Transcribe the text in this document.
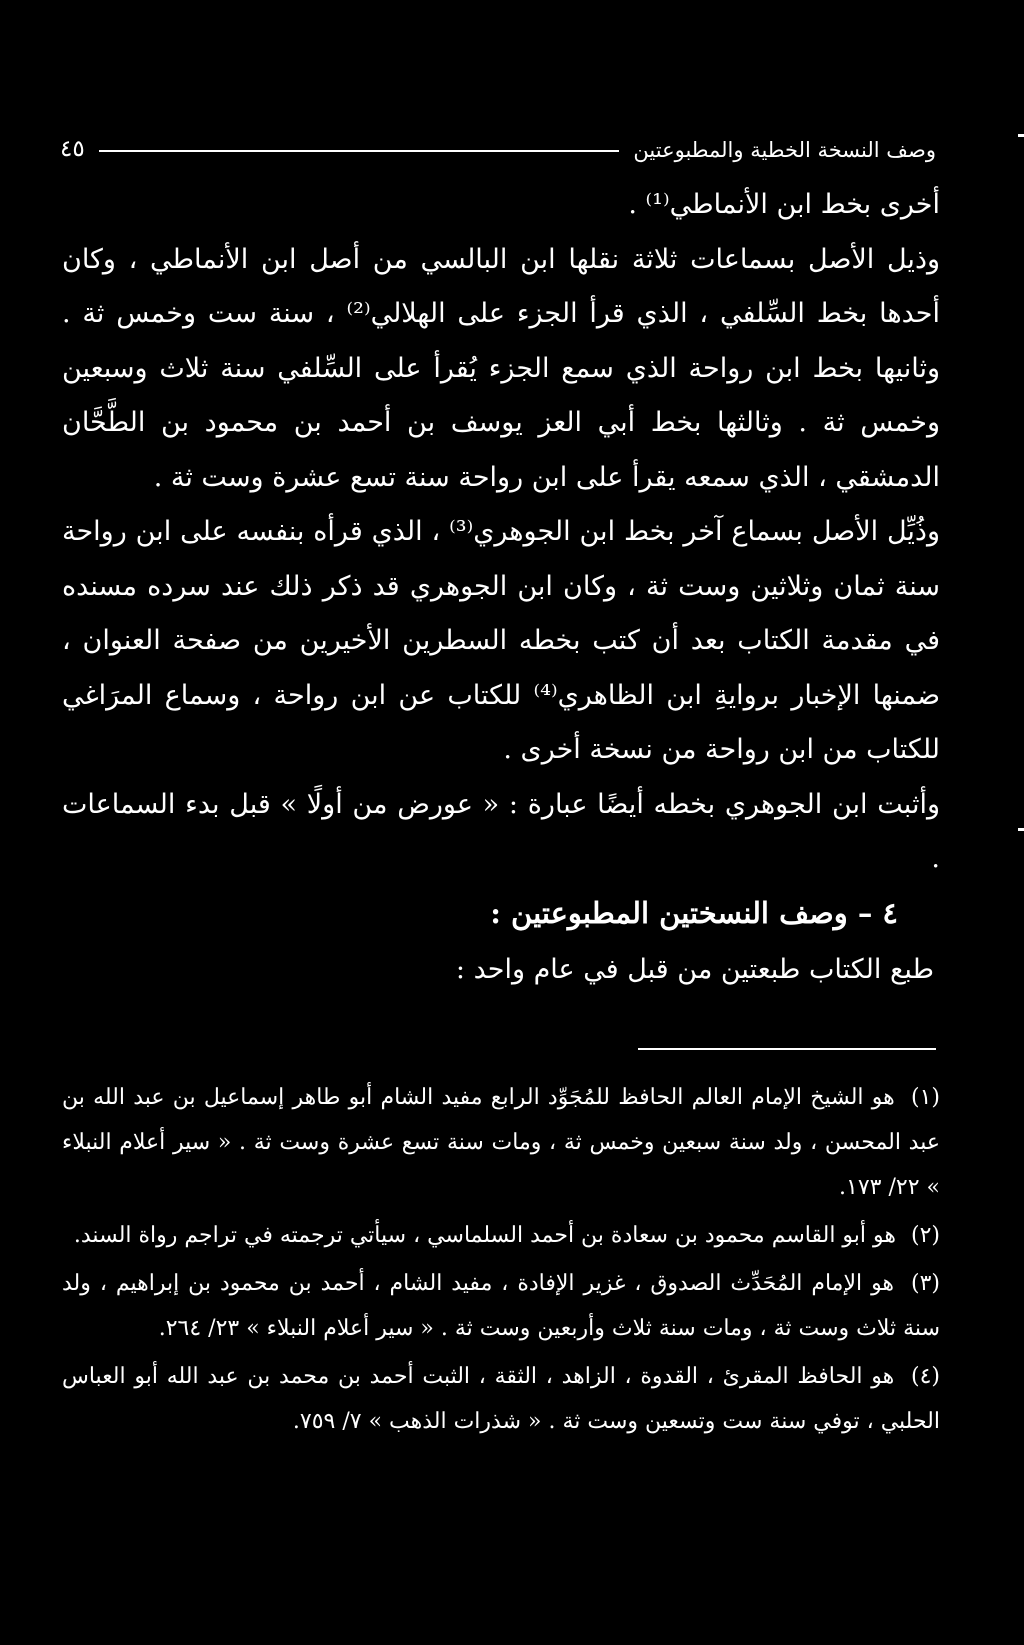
وصف النسخة الخطية والمطبوعتين
٤٥

أخرى بخط ابن الأنماطي⁽¹⁾ .

وذيل الأصل بسماعات ثلاثة نقلها ابن البالسي من أصل ابن الأنماطي ، وكان أحدها بخط السِّلفي ، الذي قرأ الجزء على الهلالي⁽²⁾ ، سنة ست وخمس ثة . وثانيها بخط ابن رواحة الذي سمع الجزء يُقرأ على السِّلفي سنة ثلاث وسبعين وخمس ثة . وثالثها بخط أبي العز يوسف بن أحمد بن محمود بن الطَّحَّان الدمشقي ، الذي سمعه يقرأ على ابن رواحة سنة تسع عشرة وست ثة .

وذُيِّل الأصل بسماع آخر بخط ابن الجوهري⁽³⁾ ، الذي قرأه بنفسه على ابن رواحة سنة ثمان وثلاثين وست ثة ، وكان ابن الجوهري قد ذكر ذلك عند سرده مسنده في مقدمة الكتاب بعد أن كتب بخطه السطرين الأخيرين من صفحة العنوان ، ضمنها الإخبار بروايةِ ابن الظاهري⁽⁴⁾ للكتاب عن ابن رواحة ، وسماع المرَاغي للكتاب من ابن رواحة من نسخة أخرى .

وأثبت ابن الجوهري بخطه أيضًا عبارة : « عورض من أولًا » قبل بدء السماعات .

٤ – وصف النسختين المطبوعتين :
طبع الكتاب طبعتين من قبل في عام واحد :

(١) هو الشيخ الإمام العالم الحافظ للمُجَوِّد الرابع مفيد الشام أبو طاهر إسماعيل بن عبد الله بن عبد المحسن ، ولد سنة سبعين وخمس ثة ، ومات سنة تسع عشرة وست ثة . « سير أعلام النبلاء » ٢٢/ ١٧٣.

(٢) هو أبو القاسم محمود بن سعادة بن أحمد السلماسي ، سيأتي ترجمته في تراجم رواة السند.

(٣) هو الإمام المُحَدِّث الصدوق ، غزير الإفادة ، مفيد الشام ، أحمد بن محمود بن إبراهيم ، ولد سنة ثلاث وست ثة ، ومات سنة ثلاث وأربعين وست ثة . « سير أعلام النبلاء » ٢٣/ ٢٦٤.

(٤) هو الحافظ المقرئ ، القدوة ، الزاهد ، الثقة ، الثبت أحمد بن محمد بن عبد الله أبو العباس الحلبي ، توفي سنة ست وتسعين وست ثة . « شذرات الذهب » ٧/ ٧٥٩.
